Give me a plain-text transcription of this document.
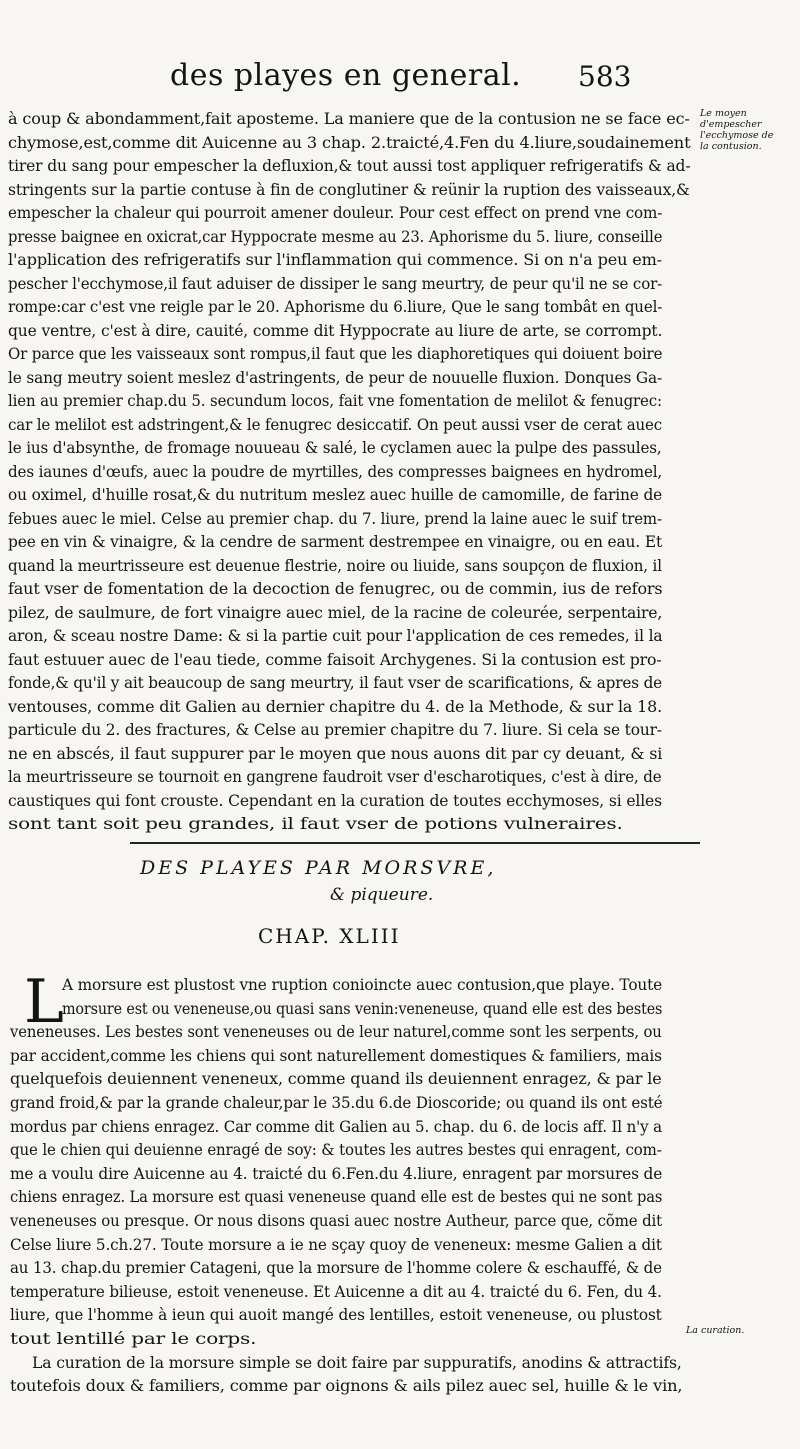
des playes en general. 583
Le moyen d'empescher l'ecchymose de la contusion.
La curation.
à coup & abondamment,fait aposteme. La maniere que de la contusion ne se face ec-
chymose,est,comme dit Auicenne au 3 chap. 2.traicté,4.Fen du 4.liure,soudainement
tirer du sang pour empescher la defluxion,& tout aussi tost appliquer refrigeratifs & ad-
stringents sur la partie contuse à fin de conglutiner & reünir la ruption des vaisseaux,&
empescher la chaleur qui pourroit amener douleur. Pour cest effect on prend vne com-
presse baignee en oxicrat,car Hyppocrate mesme au 23. Aphorisme du 5. liure, conseille
l'application des refrigeratifs sur l'inflammation qui commence. Si on n'a peu em-
pescher l'ecchymose,il faut aduiser de dissiper le sang meurtry, de peur qu'il ne se cor-
rompe:car c'est vne reigle par le 20. Aphorisme du 6.liure, Que le sang tombât en quel-
que ventre, c'est à dire, cauité, comme dit Hyppocrate au liure de arte, se corrompt.
Or parce que les vaisseaux sont rompus,il faut que les diaphoretiques qui doiuent boire
le sang meutry soient meslez d'astringents, de peur de nouuelle fluxion. Donques Ga-
lien au premier chap.du 5. secundum locos, fait vne fomentation de melilot & fenugrec:
car le melilot est adstringent,& le fenugrec desiccatif. On peut aussi vser de cerat auec
le ius d'absynthe, de fromage nouueau & salé, le cyclamen auec la pulpe des passules,
des iaunes d'œufs, auec la poudre de myrtilles, des compresses baignees en hydromel,
ou oximel, d'huille rosat,& du nutritum meslez auec huille de camomille, de farine de
febues auec le miel. Celse au premier chap. du 7. liure, prend la laine auec le suif trem-
pee en vin & vinaigre, & la cendre de sarment destrempee en vinaigre, ou en eau. Et
quand la meurtrisseure est deuenue flestrie, noire ou liuide, sans soupçon de fluxion, il
faut vser de fomentation de la decoction de fenugrec, ou de commin, ius de refors
pilez, de saulmure, de fort vinaigre auec miel, de la racine de coleurée, serpentaire,
aron, & sceau nostre Dame: & si la partie cuit pour l'application de ces remedes, il la
faut estuuer auec de l'eau tiede, comme faisoit Archygenes. Si la contusion est pro-
fonde,& qu'il y ait beaucoup de sang meurtry, il faut vser de scarifications, & apres de
ventouses, comme dit Galien au dernier chapitre du 4. de la Methode, & sur la 18.
particule du 2. des fractures, & Celse au premier chapitre du 7. liure. Si cela se tour-
ne en abscés, il faut suppurer par le moyen que nous auons dit par cy deuant, & si
la meurtrisseure se tournoit en gangrene faudroit vser d'escharotiques, c'est à dire, de
caustiques qui font crouste. Cependant en la curation de toutes ecchymoses, si elles
sont tant soit peu grandes, il faut vser de potions vulneraires.
DES PLAYES PAR MORSVRE,
& piqueure.
CHAP. XLIII
L
A morsure est plustost vne ruption conioincte auec contusion,que playe. Toute
morsure est ou veneneuse,ou quasi sans venin:veneneuse, quand elle est des bestes
veneneuses. Les bestes sont veneneuses ou de leur naturel,comme sont les serpents, ou
par accident,comme les chiens qui sont naturellement domestiques & familiers, mais
quelquefois deuiennent veneneux, comme quand ils deuiennent enragez, & par le
grand froid,& par la grande chaleur,par le 35.du 6.de Dioscoride; ou quand ils ont esté
mordus par chiens enragez. Car comme dit Galien au 5. chap. du 6. de locis aff. Il n'y a
que le chien qui deuienne enragé de soy: & toutes les autres bestes qui enragent, com-
me a voulu dire Auicenne au 4. traicté du 6.Fen.du 4.liure, enragent par morsures de
chiens enragez. La morsure est quasi veneneuse quand elle est de bestes qui ne sont pas
veneneuses ou presque. Or nous disons quasi auec nostre Autheur, parce que, cõme dit
Celse liure 5.ch.27. Toute morsure a ie ne sçay quoy de veneneux: mesme Galien a dit
au 13. chap.du premier Catageni, que la morsure de l'homme colere & eschauffé, & de
temperature bilieuse, estoit veneneuse. Et Auicenne a dit au 4. traicté du 6. Fen, du 4.
liure, que l'homme à ieun qui auoit mangé des lentilles, estoit veneneuse, ou plustost
tout lentillé par le corps.
La curation de la morsure simple se doit faire par suppuratifs, anodins & attractifs,
toutefois doux & familiers, comme par oignons & ails pilez auec sel, huille & le vin,
